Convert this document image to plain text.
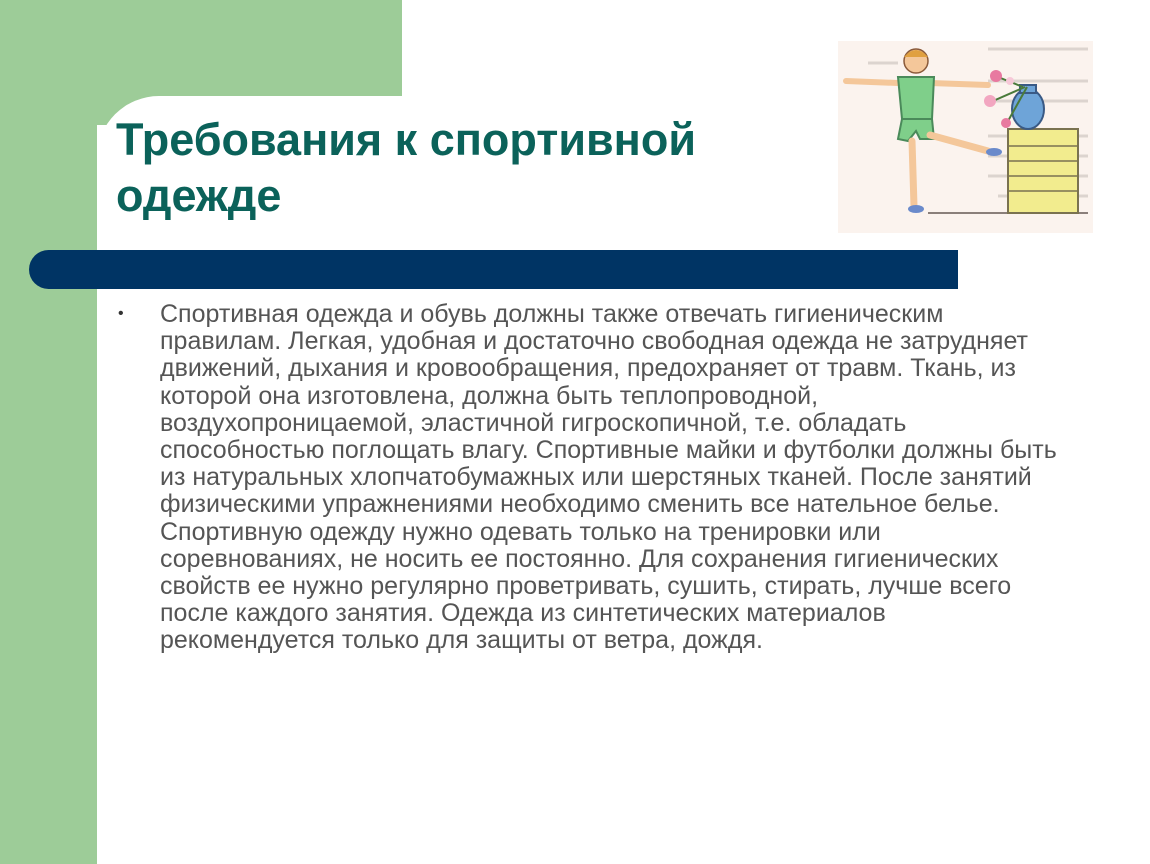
Требования к спортивной
одежде
• Спортивная одежда и обувь должны также отвечать гигиеническим правилам. Легкая, удобная и достаточно свободная одежда не затрудняет движений, дыхания и кровообращения, предохраняет от травм. Ткань, из которой она изготовлена, должна быть теплопроводной, воздухопроницаемой, эластичной гигроскопичной, т.е. обладать способностью поглощать влагу. Спортивные майки и футболки должны быть из натуральных хлопчатобумажных или шерстяных тканей. После занятий физическими упражнениями необходимо сменить все нательное белье. Спортивную одежду нужно одевать только на тренировки или соревнованиях, не носить ее постоянно. Для сохранения гигиенических свойств ее нужно регулярно проветривать, сушить, стирать, лучше всего после каждого занятия. Одежда из синтетических материалов рекомендуется только для защиты от ветра, дождя.
